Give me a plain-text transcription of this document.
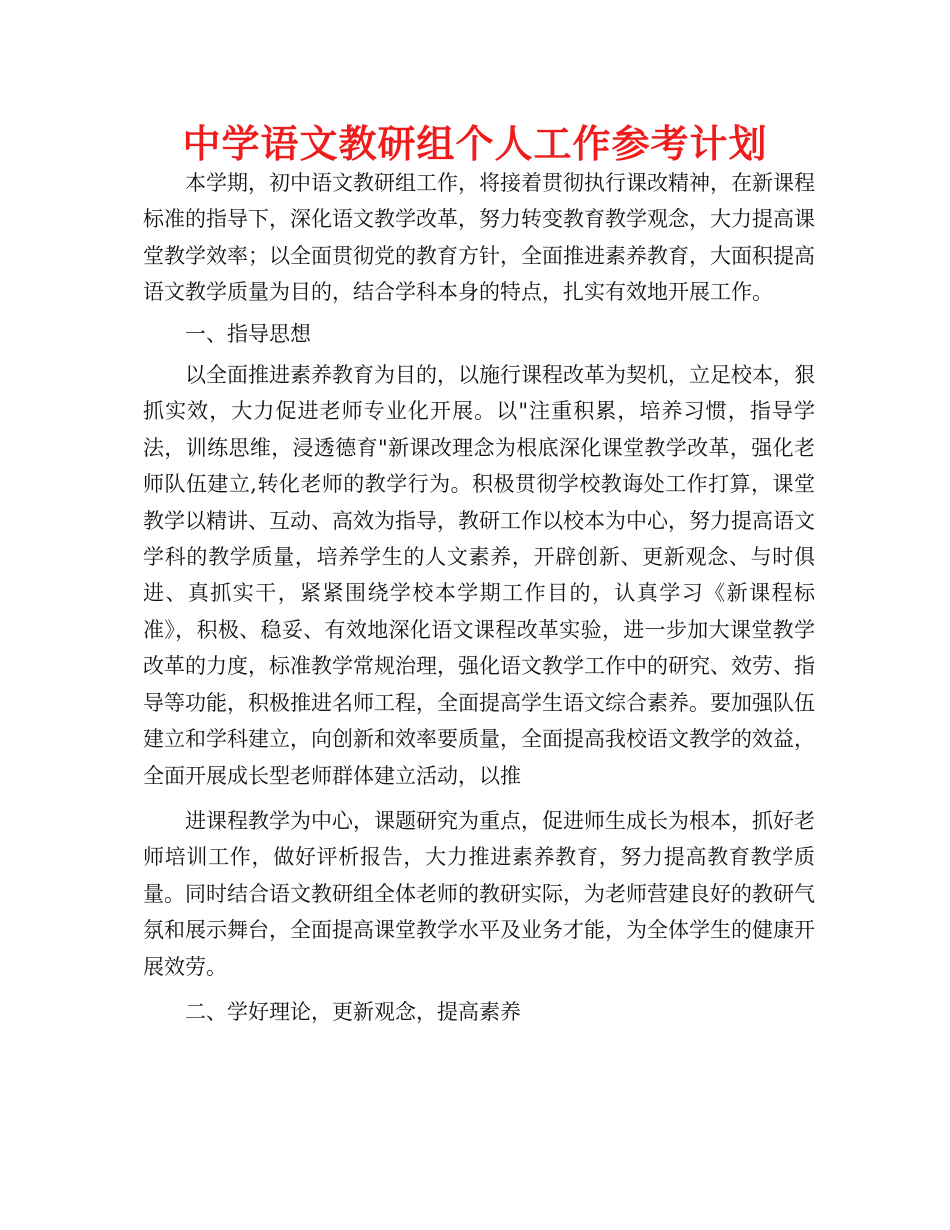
中学语文教研组个人工作参考计划

本学期，初中语文教研组工作，将接着贯彻执行课改精神，在新课程标准的指导下，深化语文教学改革，努力转变教育教学观念，大力提高课堂教学效率；以全面贯彻党的教育方针，全面推进素养教育，大面积提高语文教学质量为目的，结合学科本身的特点，扎实有效地开展工作。

一、指导思想

以全面推进素养教育为目的，以施行课程改革为契机，立足校本，狠抓实效，大力促进老师专业化开展。以"注重积累，培养习惯，指导学法，训练思维，浸透德育"新课改理念为根底深化课堂教学改革，强化老师队伍建立,转化老师的教学行为。积极贯彻学校教诲处工作打算，课堂教学以精讲、互动、高效为指导，教研工作以校本为中心，努力提高语文学科的教学质量，培养学生的人文素养，开辟创新、更新观念、与时俱进、真抓实干，紧紧围绕学校本学期工作目的，认真学习《新课程标准》，积极、稳妥、有效地深化语文课程改革实验，进一步加大课堂教学改革的力度，标准教学常规治理，强化语文教学工作中的研究、效劳、指导等功能，积极推进名师工程，全面提高学生语文综合素养。要加强队伍建立和学科建立，向创新和效率要质量，全面提高我校语文教学的效益，全面开展成长型老师群体建立活动，以推

进课程教学为中心，课题研究为重点，促进师生成长为根本，抓好老师培训工作，做好评析报告，大力推进素养教育，努力提高教育教学质量。同时结合语文教研组全体老师的教研实际，为老师营建良好的教研气氛和展示舞台，全面提高课堂教学水平及业务才能，为全体学生的健康开展效劳。

二、学好理论，更新观念，提高素养
